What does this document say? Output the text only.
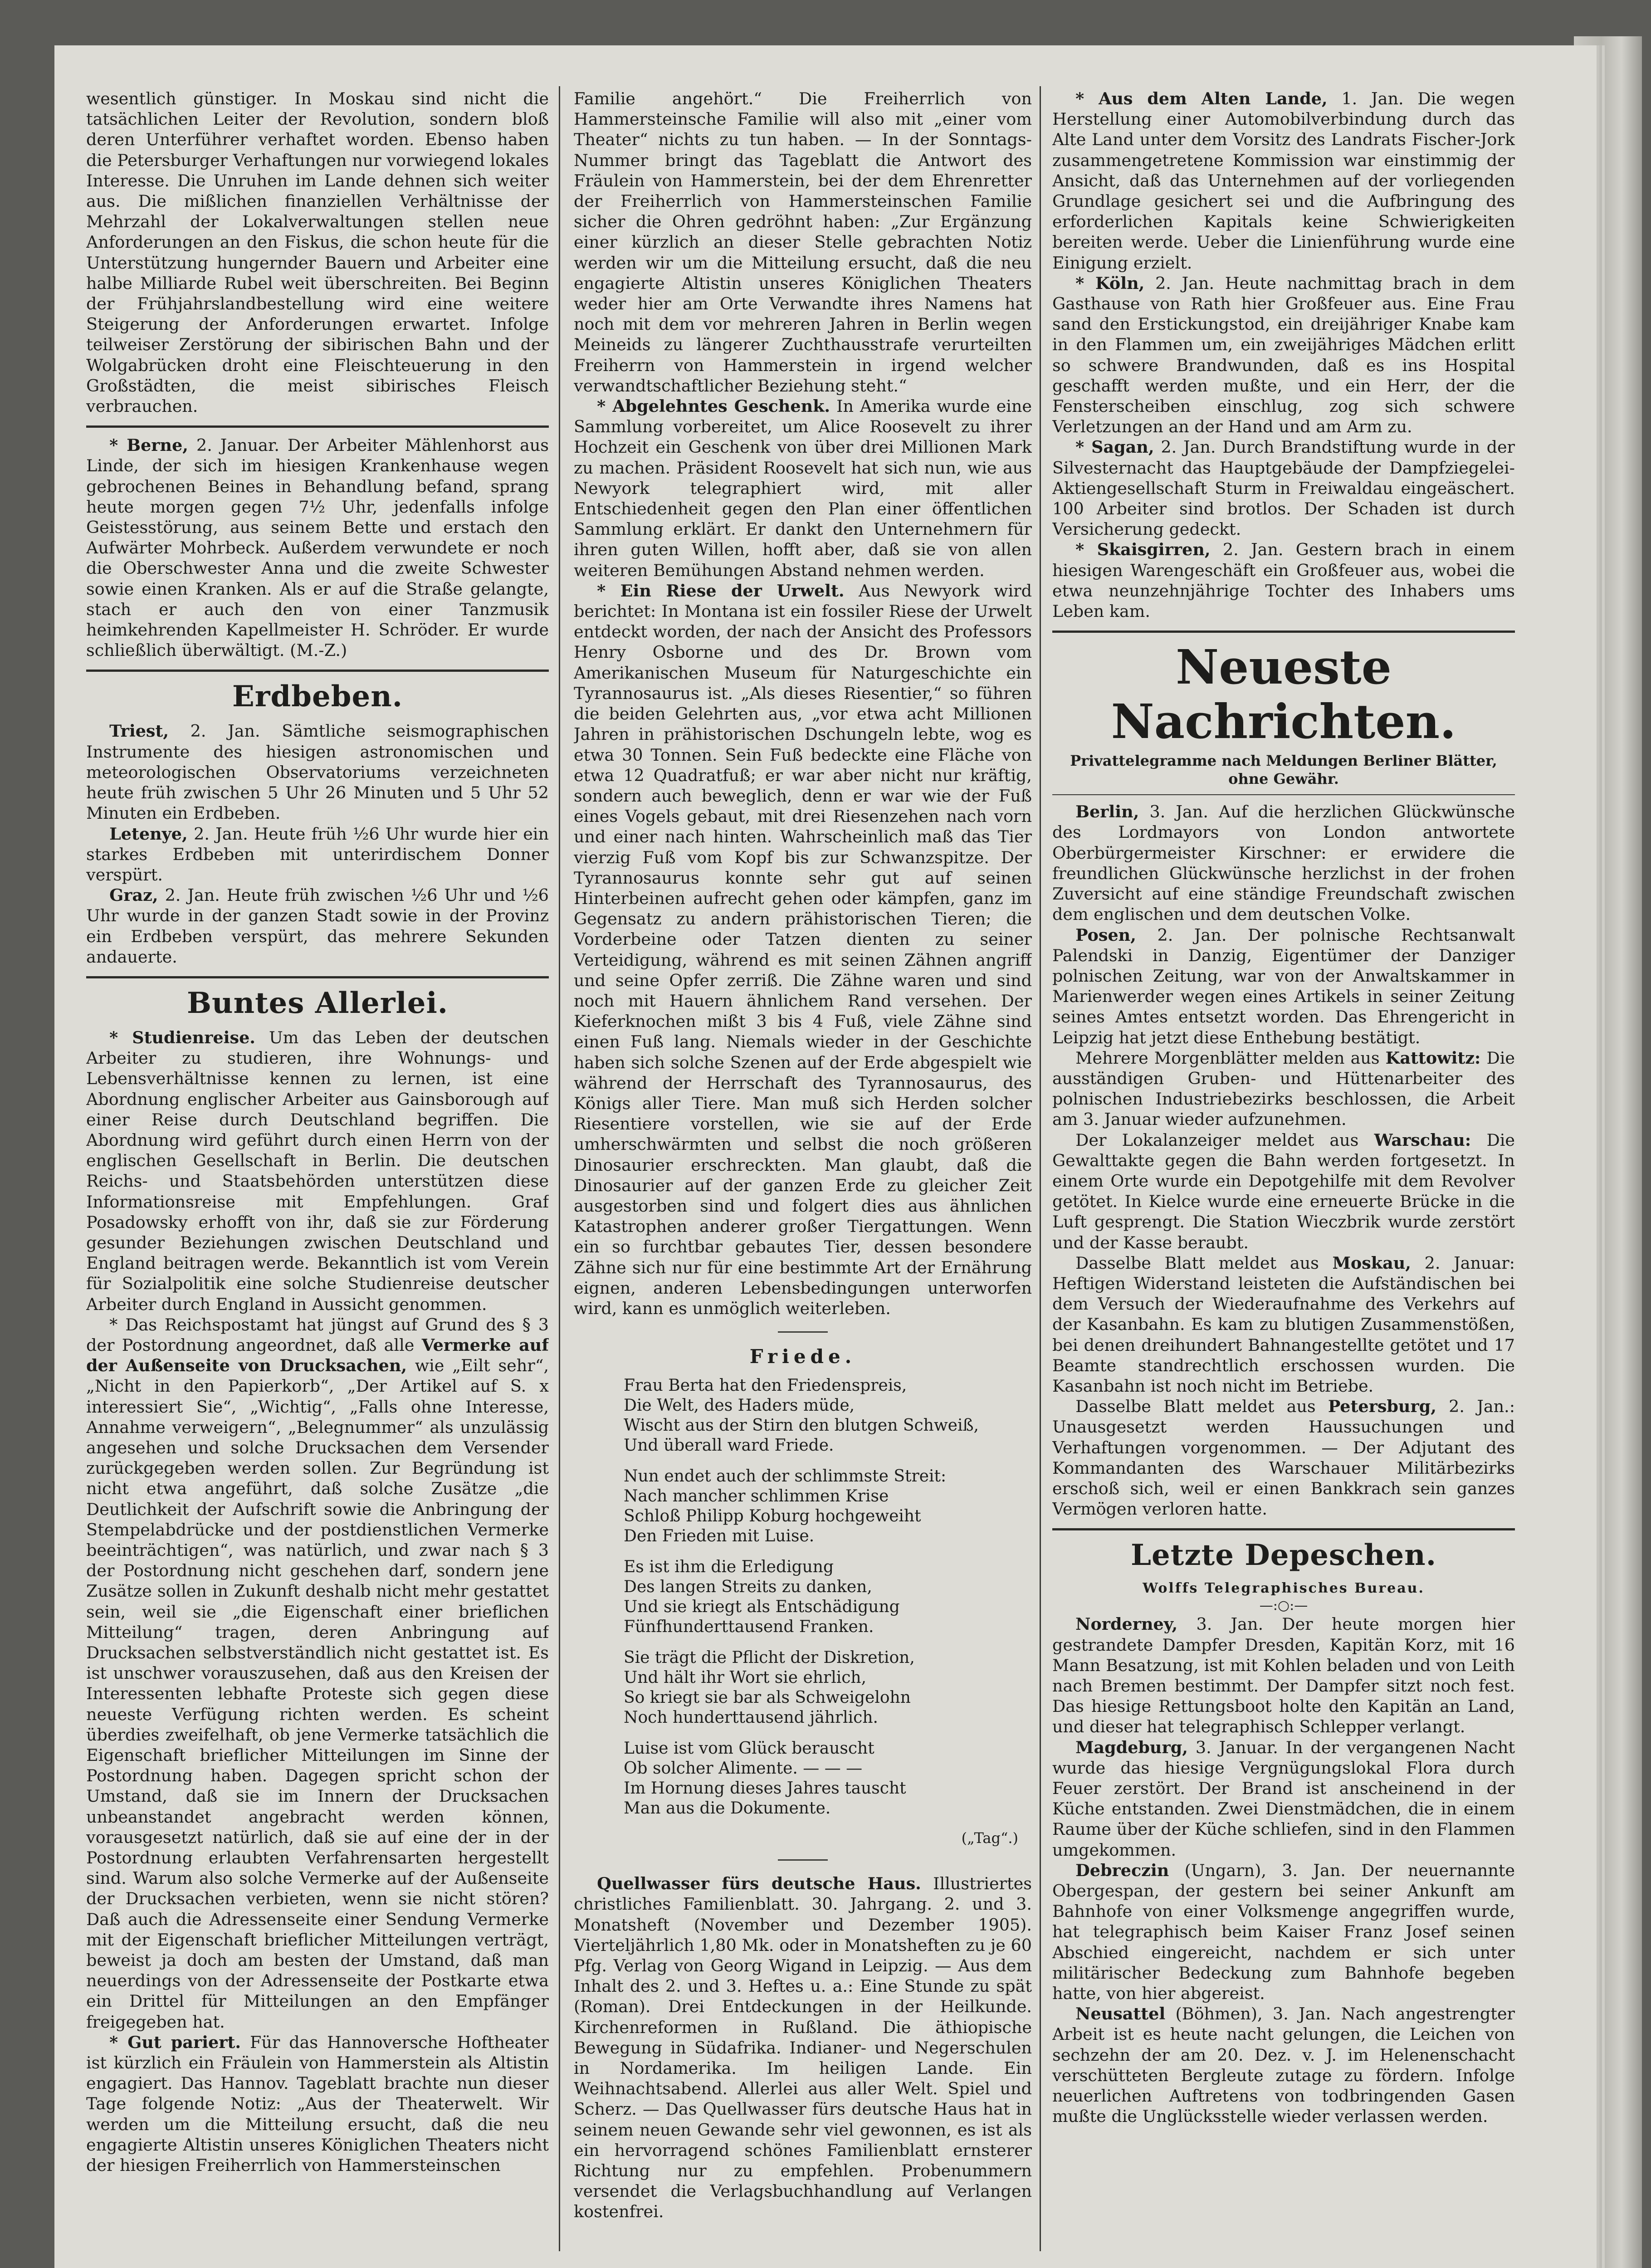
wesentlich günstiger. In Moskau sind nicht die tatsächlichen Leiter der Revolution, sondern bloß deren Unterführer verhaftet worden. Ebenso haben die Petersburger Verhaftungen nur vorwiegend lokales Interesse. Die Unruhen im Lande dehnen sich weiter aus. Die mißlichen finanziellen Verhältnisse der Mehrzahl der Lokalverwaltungen stellen neue Anforderungen an den Fiskus, die schon heute für die Unterstützung hungernder Bauern und Arbeiter eine halbe Milliarde Rubel weit überschreiten. Bei Beginn der Frühjahrslandbestellung wird eine weitere Steigerung der Anforderungen erwartet. Infolge teilweiser Zerstörung der sibirischen Bahn und der Wolgabrücken droht eine Fleischteuerung in den Großstädten, die meist sibirisches Fleisch verbrauchen.

* Berne, 2. Januar. Der Arbeiter Mählenhorst aus Linde, der sich im hiesigen Krankenhause wegen gebrochenen Beines in Behandlung befand, sprang heute morgen gegen 7½ Uhr, jedenfalls infolge Geistesstörung, aus seinem Bette und erstach den Aufwärter Mohrbeck. Außerdem verwundete er noch die Oberschwester Anna und die zweite Schwester sowie einen Kranken. Als er auf die Straße gelangte, stach er auch den von einer Tanzmusik heimkehrenden Kapellmeister H. Schröder. Er wurde schließlich überwältigt. (M.-Z.)

Erdbeben.

Triest, 2. Jan. Sämtliche seismographischen Instrumente des hiesigen astronomischen und meteorologischen Observatoriums verzeichneten heute früh zwischen 5 Uhr 26 Minuten und 5 Uhr 52 Minuten ein Erdbeben.

Letenye, 2. Jan. Heute früh ½6 Uhr wurde hier ein starkes Erdbeben mit unterirdischem Donner verspürt.

Graz, 2. Jan. Heute früh zwischen ½6 Uhr und ½6 Uhr wurde in der ganzen Stadt sowie in der Provinz ein Erdbeben verspürt, das mehrere Sekunden andauerte.

Buntes Allerlei.

* Studienreise. Um das Leben der deutschen Arbeiter zu studieren, ihre Wohnungs- und Lebensverhältnisse kennen zu lernen, ist eine Abordnung englischer Arbeiter aus Gainsborough auf einer Reise durch Deutschland begriffen. Die Abordnung wird geführt durch einen Herrn von der englischen Gesellschaft in Berlin. Die deutschen Reichs- und Staatsbehörden unterstützen diese Informationsreise mit Empfehlungen. Graf Posadowsky erhofft von ihr, daß sie zur Förderung gesunder Beziehungen zwischen Deutschland und England beitragen werde. Bekanntlich ist vom Verein für Sozialpolitik eine solche Studienreise deutscher Arbeiter durch England in Aussicht genommen.

* Das Reichspostamt hat jüngst auf Grund des § 3 der Postordnung angeordnet, daß alle Vermerke auf der Außenseite von Drucksachen, wie „Eilt sehr“, „Nicht in den Papierkorb“, „Der Artikel auf S. x interessiert Sie“, „Wichtig“, „Falls ohne Interesse, Annahme verweigern“, „Belegnummer“ als unzulässig angesehen und solche Drucksachen dem Versender zurückgegeben werden sollen. Zur Begründung ist nicht etwa angeführt, daß solche Zusätze „die Deutlichkeit der Aufschrift sowie die Anbringung der Stempelabdrücke und der postdienstlichen Vermerke beeinträchtigen“, was natürlich, und zwar nach § 3 der Postordnung nicht geschehen darf, sondern jene Zusätze sollen in Zukunft deshalb nicht mehr gestattet sein, weil sie „die Eigenschaft einer brieflichen Mitteilung“ tragen, deren Anbringung auf Drucksachen selbstverständlich nicht gestattet ist. Es ist unschwer vorauszusehen, daß aus den Kreisen der Interessenten lebhafte Proteste sich gegen diese neueste Verfügung richten werden. Es scheint überdies zweifelhaft, ob jene Vermerke tatsächlich die Eigenschaft brieflicher Mitteilungen im Sinne der Postordnung haben. Dagegen spricht schon der Umstand, daß sie im Innern der Drucksachen unbeanstandet angebracht werden können, vorausgesetzt natürlich, daß sie auf eine der in der Postordnung erlaubten Verfahrensarten hergestellt sind. Warum also solche Vermerke auf der Außenseite der Drucksachen verbieten, wenn sie nicht stören? Daß auch die Adressenseite einer Sendung Vermerke mit der Eigenschaft brieflicher Mitteilungen verträgt, beweist ja doch am besten der Umstand, daß man neuerdings von der Adressenseite der Postkarte etwa ein Drittel für Mitteilungen an den Empfänger freigegeben hat.

* Gut pariert. Für das Hannoversche Hoftheater ist kürzlich ein Fräulein von Hammerstein als Altistin engagiert. Das Hannov. Tageblatt brachte nun dieser Tage folgende Notiz: „Aus der Theaterwelt. Wir werden um die Mitteilung ersucht, daß die neu engagierte Altistin unseres Königlichen Theaters nicht der hiesigen Freiherrlich von Hammersteinschen

Familie angehört.“ Die Freiherrlich von Hammersteinsche Familie will also mit „einer vom Theater“ nichts zu tun haben. — In der Sonntags-Nummer bringt das Tageblatt die Antwort des Fräulein von Hammerstein, bei der dem Ehrenretter der Freiherrlich von Hammersteinschen Familie sicher die Ohren gedröhnt haben: „Zur Ergänzung einer kürzlich an dieser Stelle gebrachten Notiz werden wir um die Mitteilung ersucht, daß die neu engagierte Altistin unseres Königlichen Theaters weder hier am Orte Verwandte ihres Namens hat noch mit dem vor mehreren Jahren in Berlin wegen Meineids zu längerer Zuchthausstrafe verurteilten Freiherrn von Hammerstein in irgend welcher verwandtschaftlicher Beziehung steht.“

* Abgelehntes Geschenk. In Amerika wurde eine Sammlung vorbereitet, um Alice Roosevelt zu ihrer Hochzeit ein Geschenk von über drei Millionen Mark zu machen. Präsident Roosevelt hat sich nun, wie aus Newyork telegraphiert wird, mit aller Entschiedenheit gegen den Plan einer öffentlichen Sammlung erklärt. Er dankt den Unternehmern für ihren guten Willen, hofft aber, daß sie von allen weiteren Bemühungen Abstand nehmen werden.

* Ein Riese der Urwelt. Aus Newyork wird berichtet: In Montana ist ein fossiler Riese der Urwelt entdeckt worden, der nach der Ansicht des Professors Henry Osborne und des Dr. Brown vom Amerikanischen Museum für Naturgeschichte ein Tyrannosaurus ist. „Als dieses Riesentier,“ so führen die beiden Gelehrten aus, „vor etwa acht Millionen Jahren in prähistorischen Dschungeln lebte, wog es etwa 30 Tonnen. Sein Fuß bedeckte eine Fläche von etwa 12 Quadratfuß; er war aber nicht nur kräftig, sondern auch beweglich, denn er war wie der Fuß eines Vogels gebaut, mit drei Riesenzehen nach vorn und einer nach hinten. Wahrscheinlich maß das Tier vierzig Fuß vom Kopf bis zur Schwanzspitze. Der Tyrannosaurus konnte sehr gut auf seinen Hinterbeinen aufrecht gehen oder kämpfen, ganz im Gegensatz zu andern prähistorischen Tieren; die Vorderbeine oder Tatzen dienten zu seiner Verteidigung, während es mit seinen Zähnen angriff und seine Opfer zerriß. Die Zähne waren und sind noch mit Hauern ähnlichem Rand versehen. Der Kieferknochen mißt 3 bis 4 Fuß, viele Zähne sind einen Fuß lang. Niemals wieder in der Geschichte haben sich solche Szenen auf der Erde abgespielt wie während der Herrschaft des Tyrannosaurus, des Königs aller Tiere. Man muß sich Herden solcher Riesentiere vorstellen, wie sie auf der Erde umherschwärmten und selbst die noch größeren Dinosaurier erschreckten. Man glaubt, daß die Dinosaurier auf der ganzen Erde zu gleicher Zeit ausgestorben sind und folgert dies aus ähnlichen Katastrophen anderer großer Tiergattungen. Wenn ein so furchtbar gebautes Tier, dessen besondere Zähne sich nur für eine bestimmte Art der Ernährung eignen, anderen Lebensbedingungen unterworfen wird, kann es unmöglich weiterleben.

Friede.
Frau Berta hat den Friedenspreis,
Die Welt, des Haders müde,
Wischt aus der Stirn den blutgen Schweiß,
Und überall ward Friede.
Nun endet auch der schlimmste Streit:
Nach mancher schlimmen Krise
Schloß Philipp Koburg hochgeweiht
Den Frieden mit Luise.
Es ist ihm die Erledigung
Des langen Streits zu danken,
Und sie kriegt als Entschädigung
Fünfhunderttausend Franken.
Sie trägt die Pflicht der Diskretion,
Und hält ihr Wort sie ehrlich,
So kriegt sie bar als Schweigelohn
Noch hunderttausend jährlich.
Luise ist vom Glück berauscht
Ob solcher Alimente. — — —
Im Hornung dieses Jahres tauscht
Man aus die Dokumente.
(„Tag“.)

Quellwasser fürs deutsche Haus. Illustriertes christliches Familienblatt. 30. Jahrgang. 2. und 3. Monatsheft (November und Dezember 1905). Vierteljährlich 1,80 Mk. oder in Monatsheften zu je 60 Pfg. Verlag von Georg Wigand in Leipzig. — Aus dem Inhalt des 2. und 3. Heftes u. a.: Eine Stunde zu spät (Roman). Drei Entdeckungen in der Heilkunde. Kirchenreformen in Rußland. Die äthiopische Bewegung in Südafrika. Indianer- und Negerschulen in Nordamerika. Im heiligen Lande. Ein Weihnachtsabend. Allerlei aus aller Welt. Spiel und Scherz. — Das Quellwasser fürs deutsche Haus hat in seinem neuen Gewande sehr viel gewonnen, es ist als ein hervorragend schönes Familienblatt ernsterer Richtung nur zu empfehlen. Probenummern versendet die Verlagsbuchhandlung auf Verlangen kostenfrei.

* Aus dem Alten Lande, 1. Jan. Die wegen Herstellung einer Automobilverbindung durch das Alte Land unter dem Vorsitz des Landrats Fischer-Jork zusammengetretene Kommission war einstimmig der Ansicht, daß das Unternehmen auf der vorliegenden Grundlage gesichert sei und die Aufbringung des erforderlichen Kapitals keine Schwierigkeiten bereiten werde. Ueber die Linienführung wurde eine Einigung erzielt.

* Köln, 2. Jan. Heute nachmittag brach in dem Gasthause von Rath hier Großfeuer aus. Eine Frau sand den Erstickungstod, ein dreijähriger Knabe kam in den Flammen um, ein zweijähriges Mädchen erlitt so schwere Brandwunden, daß es ins Hospital geschafft werden mußte, und ein Herr, der die Fensterscheiben einschlug, zog sich schwere Verletzungen an der Hand und am Arm zu.

* Sagan, 2. Jan. Durch Brandstiftung wurde in der Silvesternacht das Hauptgebäude der Dampfziegelei-Aktiengesellschaft Sturm in Freiwaldau eingeäschert. 100 Arbeiter sind brotlos. Der Schaden ist durch Versicherung gedeckt.

* Skaisgirren, 2. Jan. Gestern brach in einem hiesigen Warengeschäft ein Großfeuer aus, wobei die etwa neunzehnjährige Tochter des Inhabers ums Leben kam.

Neueste Nachrichten.
Privattelegramme nach Meldungen Berliner Blätter, ohne Gewähr.

Berlin, 3. Jan. Auf die herzlichen Glückwünsche des Lordmayors von London antwortete Oberbürgermeister Kirschner: er erwidere die freundlichen Glückwünsche herzlichst in der frohen Zuversicht auf eine ständige Freundschaft zwischen dem englischen und dem deutschen Volke.

Posen, 2. Jan. Der polnische Rechtsanwalt Palendski in Danzig, Eigentümer der Danziger polnischen Zeitung, war von der Anwaltskammer in Marienwerder wegen eines Artikels in seiner Zeitung seines Amtes entsetzt worden. Das Ehrengericht in Leipzig hat jetzt diese Enthebung bestätigt.

Mehrere Morgenblätter melden aus Kattowitz: Die ausständigen Gruben- und Hüttenarbeiter des polnischen Industriebezirks beschlossen, die Arbeit am 3. Januar wieder aufzunehmen.

Der Lokalanzeiger meldet aus Warschau: Die Gewalttakte gegen die Bahn werden fortgesetzt. In einem Orte wurde ein Depotgehilfe mit dem Revolver getötet. In Kielce wurde eine erneuerte Brücke in die Luft gesprengt. Die Station Wieczbrik wurde zerstört und der Kasse beraubt.

Dasselbe Blatt meldet aus Moskau, 2. Januar: Heftigen Widerstand leisteten die Aufständischen bei dem Versuch der Wiederaufnahme des Verkehrs auf der Kasanbahn. Es kam zu blutigen Zusammenstößen, bei denen dreihundert Bahnangestellte getötet und 17 Beamte standrechtlich erschossen wurden. Die Kasanbahn ist noch nicht im Betriebe.

Dasselbe Blatt meldet aus Petersburg, 2. Jan.: Unausgesetzt werden Haussuchungen und Verhaftungen vorgenommen. — Der Adjutant des Kommandanten des Warschauer Militärbezirks erschoß sich, weil er einen Bankkrach sein ganzes Vermögen verloren hatte.

Letzte Depeschen.
Wolffs Telegraphisches Bureau.
—:○:—

Norderney, 3. Jan. Der heute morgen hier gestrandete Dampfer Dresden, Kapitän Korz, mit 16 Mann Besatzung, ist mit Kohlen beladen und von Leith nach Bremen bestimmt. Der Dampfer sitzt noch fest. Das hiesige Rettungsboot holte den Kapitän an Land, und dieser hat telegraphisch Schlepper verlangt.

Magdeburg, 3. Januar. In der vergangenen Nacht wurde das hiesige Vergnügungslokal Flora durch Feuer zerstört. Der Brand ist anscheinend in der Küche entstanden. Zwei Dienstmädchen, die in einem Raume über der Küche schliefen, sind in den Flammen umgekommen.

Debreczin (Ungarn), 3. Jan. Der neuernannte Obergespan, der gestern bei seiner Ankunft am Bahnhofe von einer Volksmenge angegriffen wurde, hat telegraphisch beim Kaiser Franz Josef seinen Abschied eingereicht, nachdem er sich unter militärischer Bedeckung zum Bahnhofe begeben hatte, von hier abgereist.

Neusattel (Böhmen), 3. Jan. Nach angestrengter Arbeit ist es heute nacht gelungen, die Leichen von sechzehn der am 20. Dez. v. J. im Helenenschacht verschütteten Bergleute zutage zu fördern. Infolge neuerlichen Auftretens von todbringenden Gasen mußte die Unglücksstelle wieder verlassen werden.
